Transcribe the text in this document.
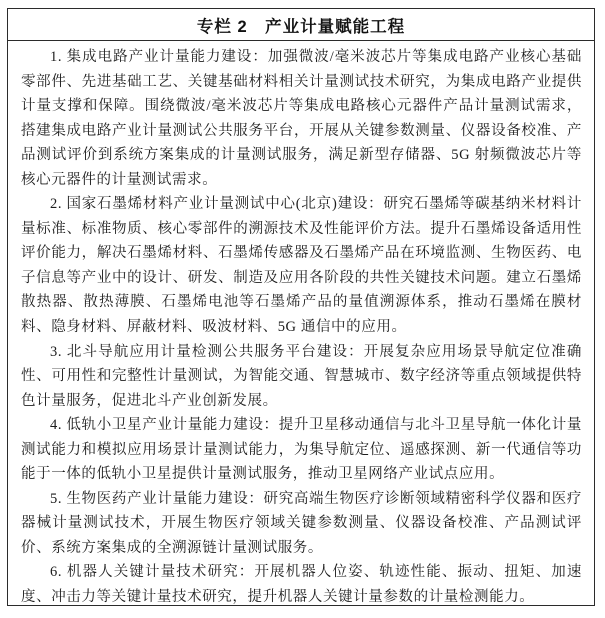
专栏 2　产业计量赋能工程

1. 集成电路产业计量能力建设：加强微波/毫米波芯片等集成电路产业核心基础零部件、先进基础工艺、关键基础材料相关计量测试技术研究，为集成电路产业提供计量支撑和保障。围绕微波/毫米波芯片等集成电路核心元器件产品计量测试需求，搭建集成电路产业计量测试公共服务平台，开展从关键参数测量、仪器设备校准、产品测试评价到系统方案集成的计量测试服务，满足新型存储器、5G 射频微波芯片等核心元器件的计量测试需求。

2. 国家石墨烯材料产业计量测试中心(北京)建设：研究石墨烯等碳基纳米材料计量标准、标准物质、核心零部件的溯源技术及性能评价方法。提升石墨烯设备适用性评价能力，解决石墨烯材料、石墨烯传感器及石墨烯产品在环境监测、生物医药、电子信息等产业中的设计、研发、制造及应用各阶段的共性关键技术问题。建立石墨烯散热器、散热薄膜、石墨烯电池等石墨烯产品的量值溯源体系，推动石墨烯在膜材料、隐身材料、屏蔽材料、吸波材料、5G 通信中的应用。

3. 北斗导航应用计量检测公共服务平台建设：开展复杂应用场景导航定位准确性、可用性和完整性计量测试，为智能交通、智慧城市、数字经济等重点领域提供特色计量服务，促进北斗产业创新发展。

4. 低轨小卫星产业计量能力建设：提升卫星移动通信与北斗卫星导航一体化计量测试能力和模拟应用场景计量测试能力，为集导航定位、遥感探测、新一代通信等功能于一体的低轨小卫星提供计量测试服务，推动卫星网络产业试点应用。

5. 生物医药产业计量能力建设：研究高端生物医疗诊断领域精密科学仪器和医疗器械计量测试技术，开展生物医疗领域关键参数测量、仪器设备校准、产品测试评价、系统方案集成的全溯源链计量测试服务。

6. 机器人关键计量技术研究：开展机器人位姿、轨迹性能、振动、扭矩、加速度、冲击力等关键计量技术研究，提升机器人关键计量参数的计量检测能力。
